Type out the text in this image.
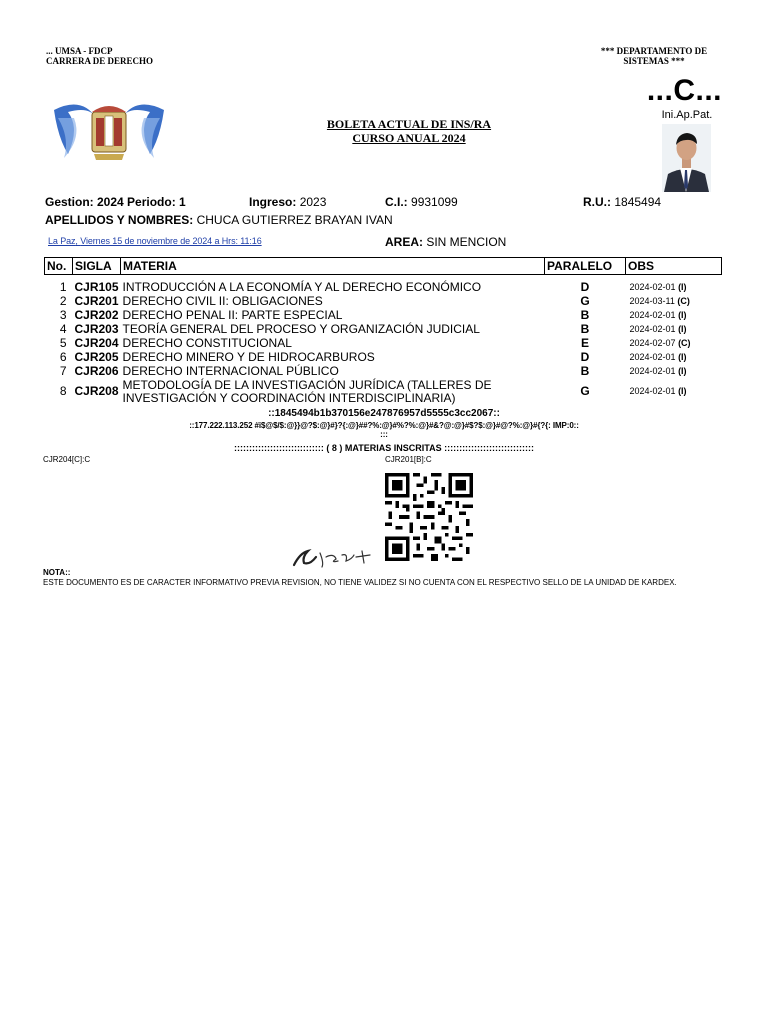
... UMSA - FDCP
CARRERA DE DERECHO
*** DEPARTAMENTO DE
SISTEMAS ***
...C...
Ini.Ap.Pat.
BOLETA ACTUAL DE INS/RA
CURSO ANUAL 2024
Gestion: 2024 Periodo: 1	Ingreso: 2023	C.I.: 9931099	R.U.: 1845494
APELLIDOS Y NOMBRES: CHUCA GUTIERREZ BRAYAN IVAN
La Paz, Viernes 15 de noviembre de 2024 a Hrs: 11:16	AREA: SIN MENCION
No.	SIGLA	MATERIA	PARALELO	OBS

1	CJR105	INTRODUCCIÓN A LA ECONOMÍA Y AL DERECHO ECONÓMICO	D	2024-02-01 (I)
2	CJR201	DERECHO CIVIL II: OBLIGACIONES	G	2024-03-11 (C)
3	CJR202	DERECHO PENAL II: PARTE ESPECIAL	B	2024-02-01 (I)
4	CJR203	TEORÍA GENERAL DEL PROCESO Y ORGANIZACIÓN JUDICIAL	B	2024-02-01 (I)
5	CJR204	DERECHO CONSTITUCIONAL	E	2024-02-07 (C)
6	CJR205	DERECHO MINERO Y DE HIDROCARBUROS	D	2024-02-01 (I)
7	CJR206	DERECHO INTERNACIONAL PÚBLICO	B	2024-02-01 (I)
8	CJR208	METODOLOGÍA DE LA INVESTIGACIÓN JURÍDICA (TALLERES DE INVESTIGACIÓN Y COORDINACIÓN INTERDISCIPLINARIA)	G	2024-02-01 (I)
::1845494b1b370156e247876957d5555c3cc2067::
::177.222.113.252 #i$@$/$:@}}@?$:@}#}?{:@}##?%:@}#%?%:@}#&?@:@}#$?$:@}#@?%:@}#{?{: IMP:0::
:::
:::::::::::::::::::::::::::::: ( 8 ) MATERIAS INSCRITAS ::::::::::::::::::::::::::::::
CJR204[C]:C	CJR201[B]:C
NOTA::
ESTE DOCUMENTO ES DE CARACTER INFORMATIVO PREVIA REVISION, NO TIENE VALIDEZ SI NO CUENTA CON EL RESPECTIVO SELLO DE LA UNIDAD DE KARDEX.
